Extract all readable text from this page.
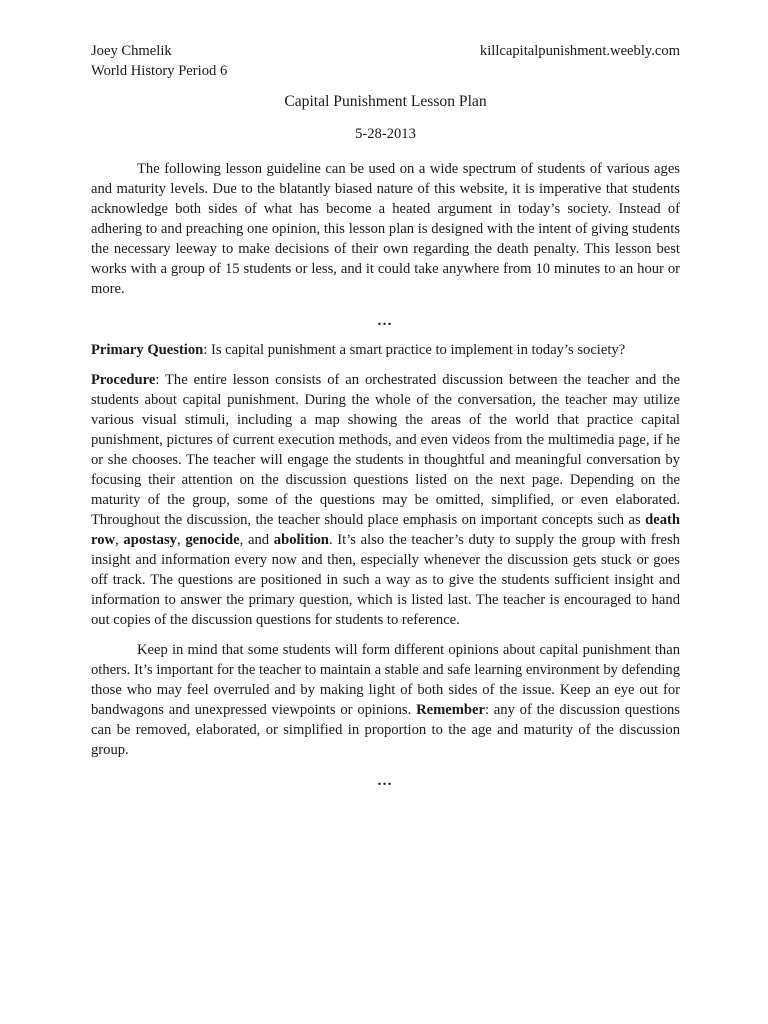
Joey Chmelik
World History Period 6
killcapitalpunishment.weebly.com
Capital Punishment Lesson Plan
5-28-2013

The following lesson guideline can be used on a wide spectrum of students of various ages and maturity levels. Due to the blatantly biased nature of this website, it is imperative that students acknowledge both sides of what has become a heated argument in today’s society. Instead of adhering to and preaching one opinion, this lesson plan is designed with the intent of giving students the necessary leeway to make decisions of their own regarding the death penalty. This lesson best works with a group of 15 students or less, and it could take anywhere from 10 minutes to an hour or more.

…

Primary Question: Is capital punishment a smart practice to implement in today’s society?

Procedure: The entire lesson consists of an orchestrated discussion between the teacher and the students about capital punishment. During the whole of the conversation, the teacher may utilize various visual stimuli, including a map showing the areas of the world that practice capital punishment, pictures of current execution methods, and even videos from the multimedia page, if he or she chooses. The teacher will engage the students in thoughtful and meaningful conversation by focusing their attention on the discussion questions listed on the next page. Depending on the maturity of the group, some of the questions may be omitted, simplified, or even elaborated. Throughout the discussion, the teacher should place emphasis on important concepts such as death row, apostasy, genocide, and abolition. It’s also the teacher’s duty to supply the group with fresh insight and information every now and then, especially whenever the discussion gets stuck or goes off track. The questions are positioned in such a way as to give the students sufficient insight and information to answer the primary question, which is listed last. The teacher is encouraged to hand out copies of the discussion questions for students to reference.

Keep in mind that some students will form different opinions about capital punishment than others. It’s important for the teacher to maintain a stable and safe learning environment by defending those who may feel overruled and by making light of both sides of the issue. Keep an eye out for bandwagons and unexpressed viewpoints or opinions. Remember: any of the discussion questions can be removed, elaborated, or simplified in proportion to the age and maturity of the discussion group.

…
